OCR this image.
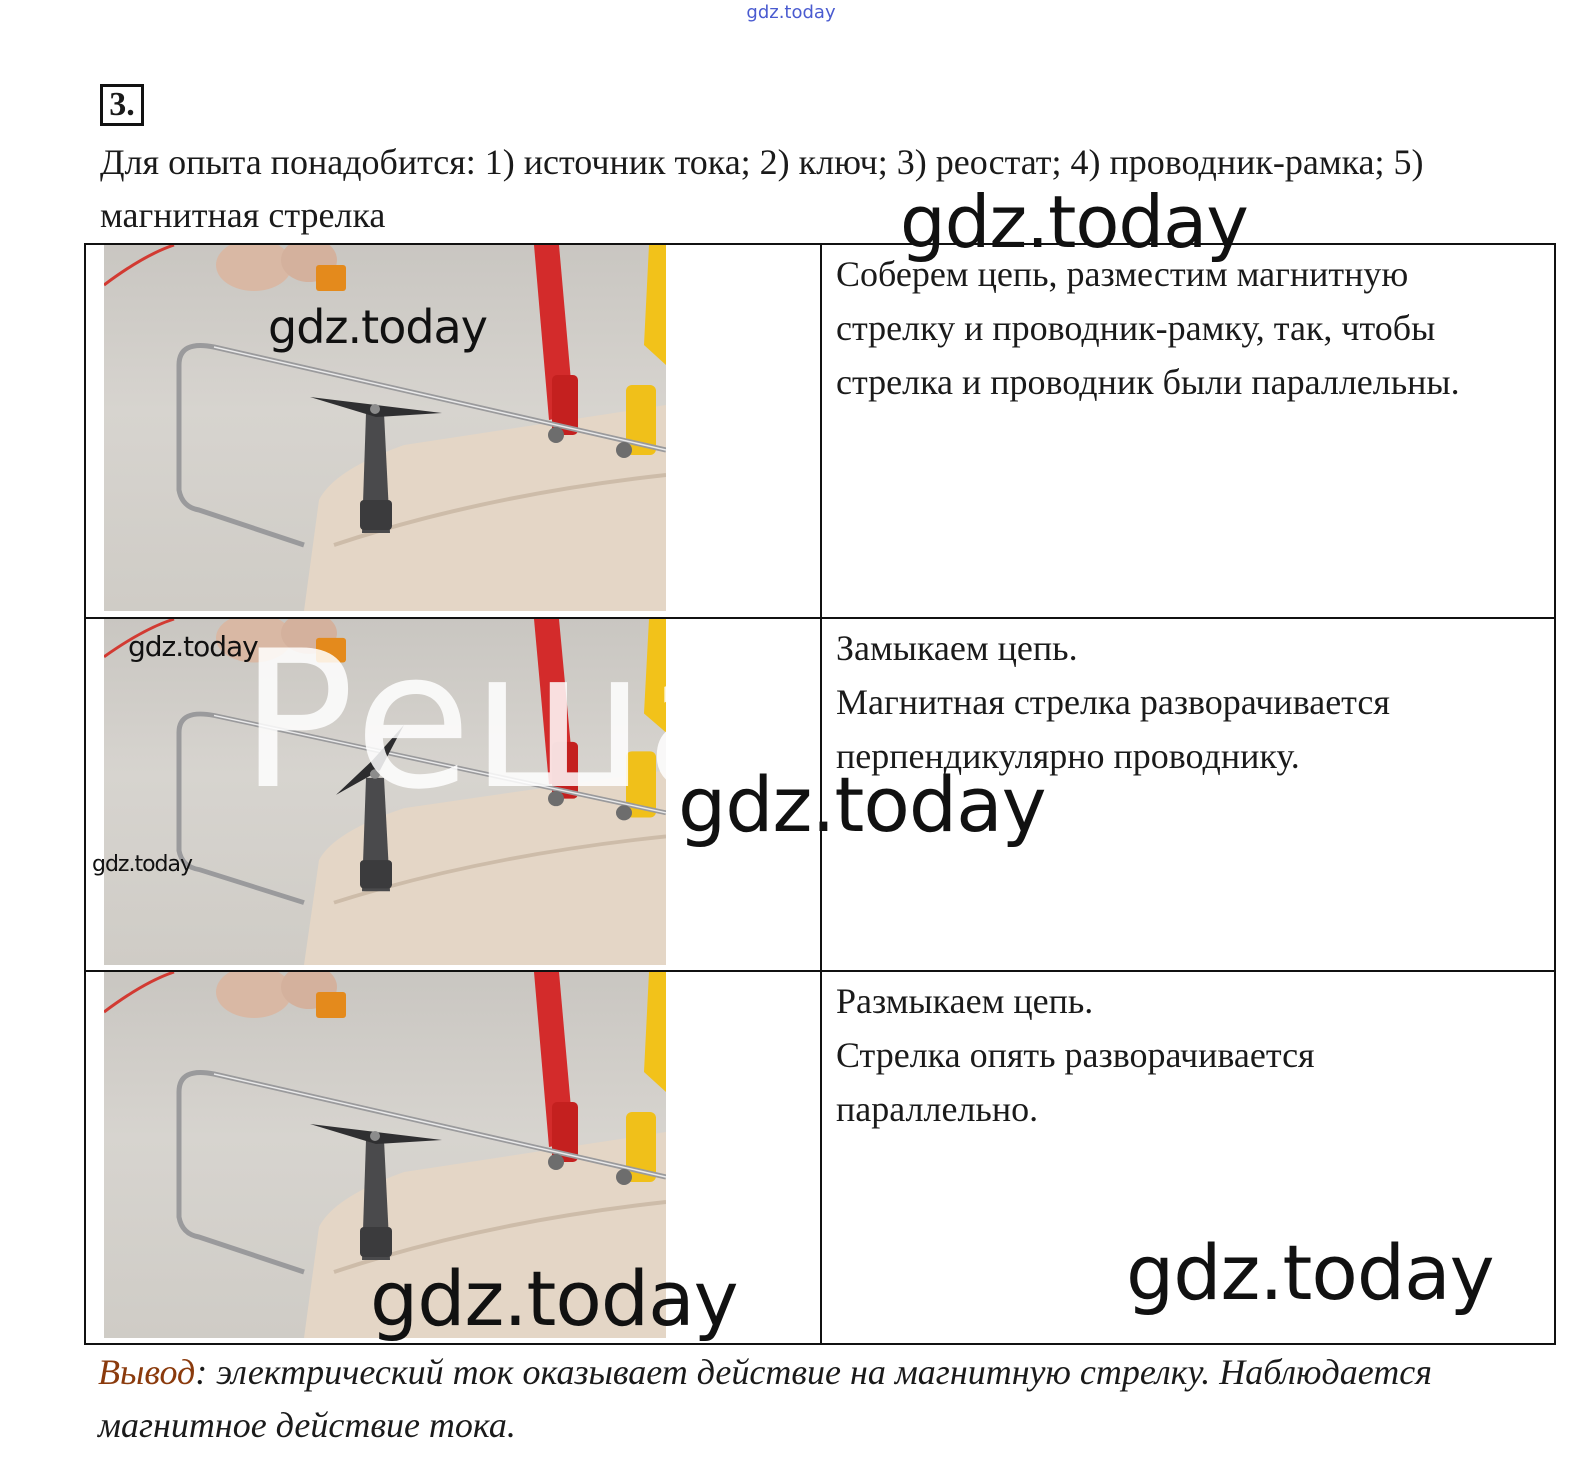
gdz.today
3.

Для опыта понадобится: 1) источник тока; 2) ключ; 3) реостат; 4) проводник-рамка; 5) магнитная стрелка

Соберем цепь, разместим магнитную
стрелку и проводник-рамку, так, чтобы
стрелка и проводник были параллельны.

Замыкаем цепь.
Магнитная стрелка разворачивается
перпендикулярно проводнику.

Размыкаем цепь.
Стрелка опять разворачивается
параллельно.

Вывод: электрический ток оказывает действие на магнитную стрелку. Наблюдается магнитное действие тока.

Реша
gdz.today
gdz.today
gdz.today
gdz.today
gdz.today
gdz.today	gdz.today
